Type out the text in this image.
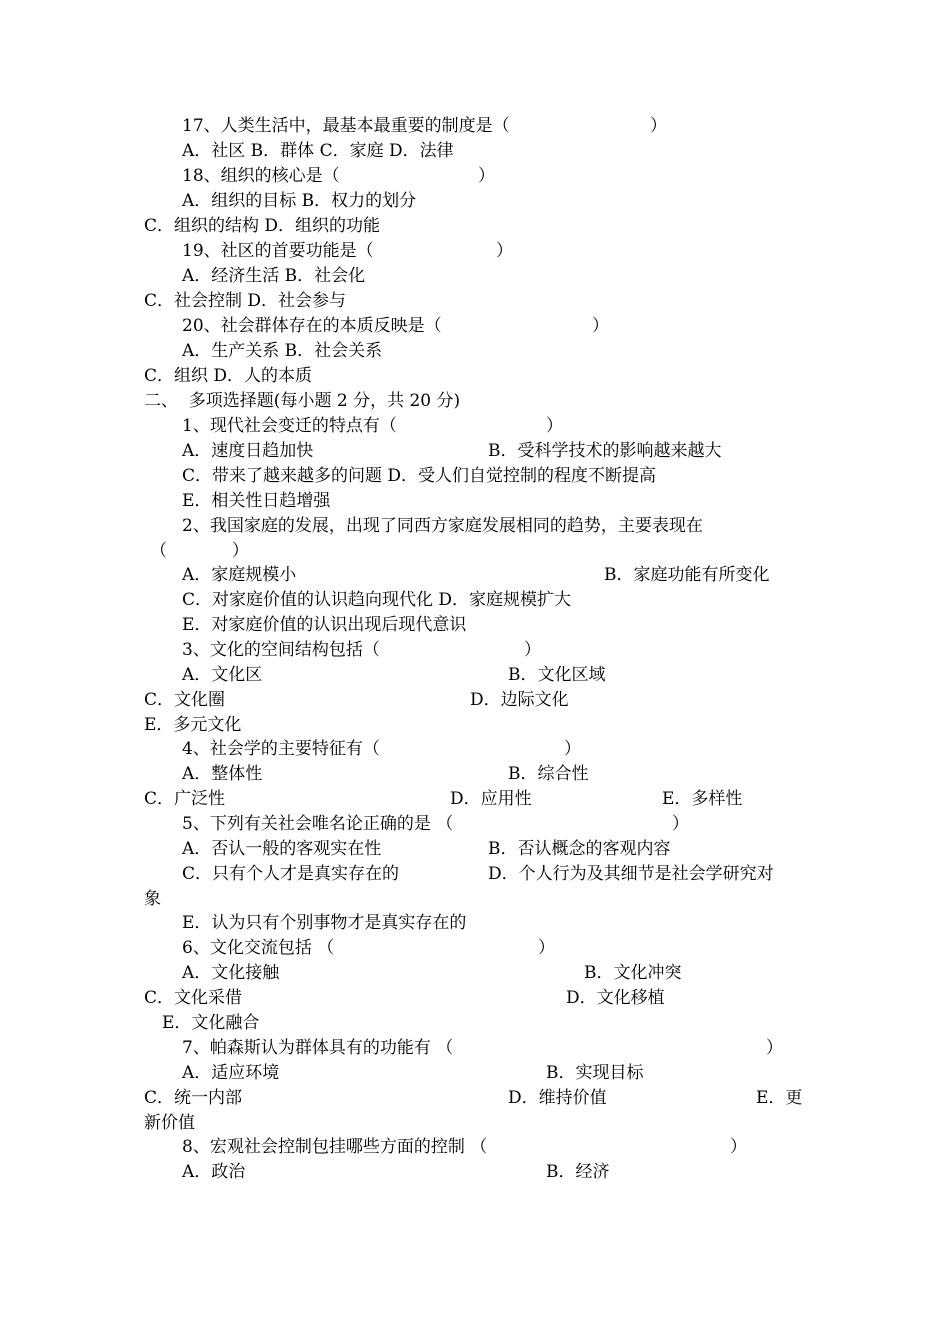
17、人类生活中，最基本最重要的制度是（	）
A．社区 B．群体 C．家庭 D．法律
18、组织的核心是（	）
A．组织的目标 B．权力的划分
C．组织的结构 D．组织的功能
19、社区的首要功能是（	）
A．经济生活 B．社会化
C．社会控制 D．社会参与
20、社会群体存在的本质反映是（	）
A．生产关系 B．社会关系
C．组织 D．人的本质
二、  多项选择题(每小题 2 分，共 20 分)
1、现代社会变迁的特点有（	）
A．速度日趋加快	B．受科学技术的影响越来越大
C．带来了越来越多的问题 D．受人们自觉控制的程度不断提高
E．相关性日趋增强
2、我国家庭的发展，出现了同西方家庭发展相同的趋势，主要表现在
（            ）
A．家庭规模小	B．家庭功能有所变化
C．对家庭价值的认识趋向现代化 D．家庭规模扩大
E．对家庭价值的认识出现后现代意识
3、文化的空间结构包括（	）
A．文化区	B．文化区域
C．文化圈	D．边际文化
E．多元文化
4、社会学的主要特征有（	）
A．整体性	B．综合性
C．广泛性	D．应用性	E．多样性
5、下列有关社会唯名论正确的是 （	）
A．否认一般的客观实在性	B．否认概念的客观内容
C．只有个人才是真实存在的	D．个人行为及其细节是社会学研究对
象
E．认为只有个别事物才是真实存在的
6、文化交流包括 （	）
A．文化接触	B．文化冲突
C．文化采借	D．文化移植
E．文化融合
7、帕森斯认为群体具有的功能有 （	）
A．适应环境	B．实现目标
C．统一内部	D．维持价值	E．更
新价值
8、宏观社会控制包挂哪些方面的控制 （	）
A．政治	B．经济
